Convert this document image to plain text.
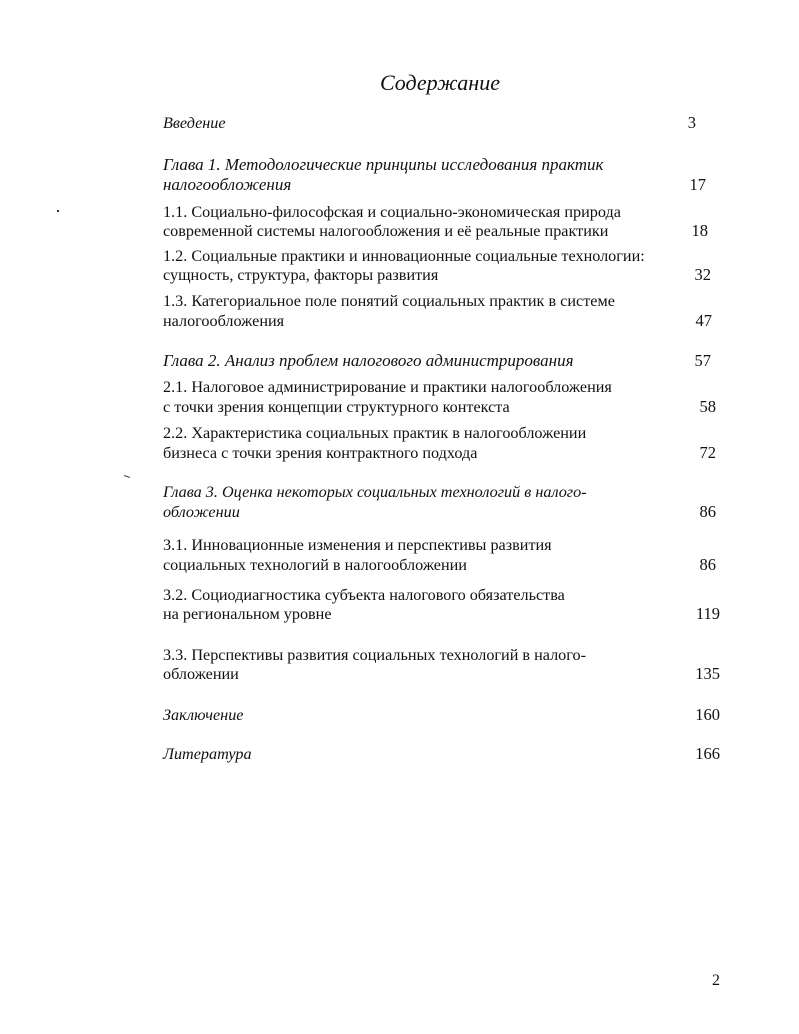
Содержание
Введение	3
Глава 1. Методологические принципы исследования практик
налогообложения	17
1.1. Социально-философская и социально-экономическая природа
современной системы налогообложения и её реальные практики	18
1.2. Социальные практики и инновационные социальные технологии:
сущность, структура, факторы развития	32
1.3. Категориальное поле понятий социальных практик в системе
налогообложения	47
Глава 2. Анализ проблем налогового администрирования	57
2.1. Налоговое администрирование и практики налогообложения
с точки зрения концепции структурного контекста	58
2.2. Характеристика социальных практик в налогообложении
бизнеса с точки зрения контрактного подхода	72
Глава 3. Оценка некоторых социальных технологий в налого-
обложении	86
3.1. Инновационные изменения и перспективы развития
социальных технологий в налогообложении	86
3.2. Социодиагностика субъекта налогового обязательства
на региональном уровне	119
3.3. Перспективы развития социальных технологий в налого-
обложении	135
Заключение	160
Литература	166
2
